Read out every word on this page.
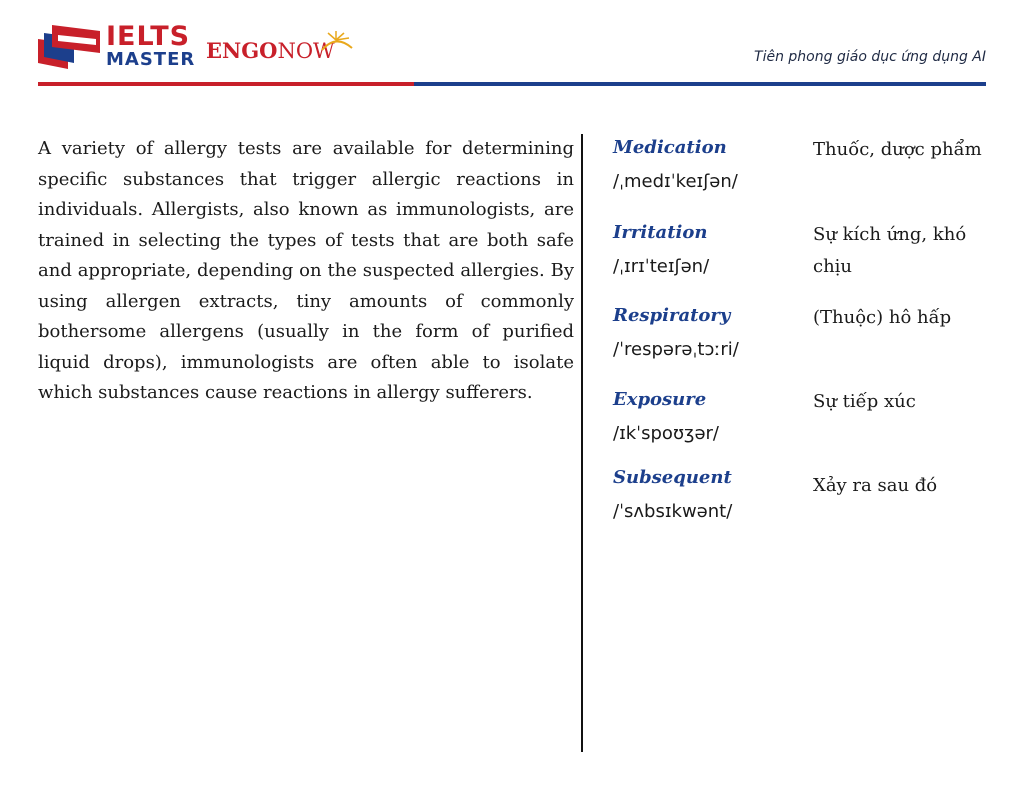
IELTS
MASTER ENGONOW	Tiên phong giáo dục ứng dụng AI
A variety of allergy tests are available for determining specific substances that trigger allergic reactions in individuals. Allergists, also known as immunologists, are trained in selecting the types of tests that are both safe and appropriate, depending on the suspected allergies. By using allergen extracts, tiny amounts of commonly bothersome allergens (usually in the form of purified liquid drops), immunologists are often able to isolate which substances cause reactions in allergy sufferers.
Medication
/ˌmedɪˈkeɪʃən/
Thuốc, dược phẩm
Irritation
/ˌɪrɪˈteɪʃən/
Sự kích ứng, khó chịu
Respiratory
/ˈrespərəˌtɔːri/
(Thuộc) hô hấp
Exposure
/ɪkˈspoʊʒər/
Sự tiếp xúc
Subsequent
/ˈsʌbsɪkwənt/
Xảy ra sau đó
